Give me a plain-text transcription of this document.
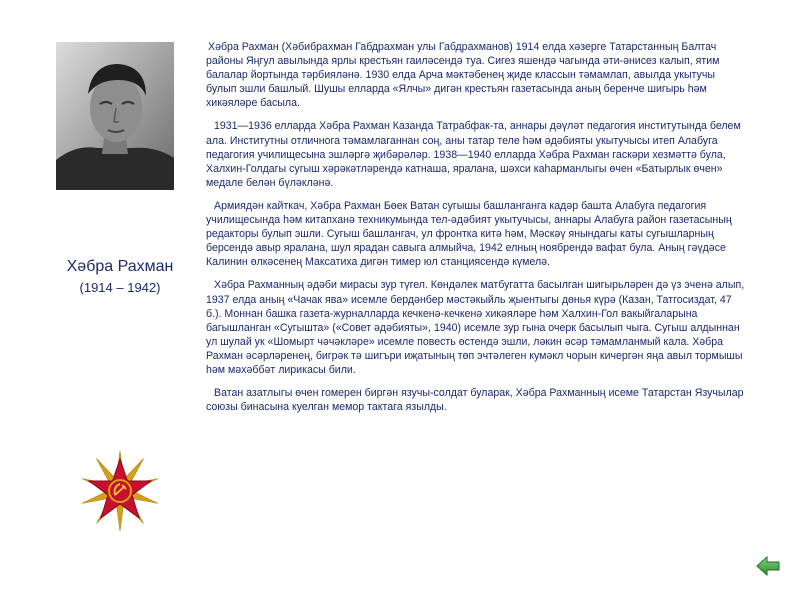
Хәбра Рахман
(1914 – 1942)

Хәбра Рахман (Хәбибрахман Габдрахман улы Габдрахманов) 1914 елда хәзерге Татарстанның Балтач районы Яңгул авылында ярлы крестьян гаиләсендә туа. Сигез яшендә чагында әти-әнисез калып, ятим балалар йортында тәрбияләнә. 1930 елда Арча мәктәбенең җиде классын тәмамлап, авылда укытучы булып эшли башлый. Шушы елларда «Ялчы» дигән крестьян газетасында аның беренче шигырь һәм хикәяләре басыла.

1931—1936 елларда Хәбра Рахман Казанда Татрабфак-та, аннары дәүләт педагогия институтында белем ала. Институтны отличнога тәмамлаганнан соң, аны татар теле һәм әдәбияты укытучысы итеп Алабуга педагогия училищесына эшләргә җибәрәләр. 1938—1940 елларда Хәбра Рахман гаскәри хезмәттә була, Халхин-Голдагы сугыш хәрәкәтләрендә катнаша, яралана, шәхси каһарманлыгы өчен «Батырлык өчен» медале белән бүләкләнә.

Армиядән кайткач, Хәбра Рахман Бөек Ватан сугышы башланганга кадәр башта Алабуга педагогия училищесында һәм китапханә техникумында тел-әдәбият укытучысы, аннары Алабуга район газетасының редакторы булып эшли. Сугыш башлангач, ул фронтка китә һәм, Мәскәү янындагы каты сугышларның берсендә авыр яралана, шул ярадан савыга алмыйча, 1942 елның ноябрендә вафат була. Аның гәүдәсе Калинин өлкәсенең Максатиха дигән тимер юл станциясендә күмелә.

Хәбра Рахманның әдәби мирасы зур түгел. Көндәлек матбугатта басылган шигырьләрен дә үз эченә алып, 1937 елда аның «Чачак ява» исемле бердәнбер мәстәкыйль җыентыгы дөнья күрә (Казан, Татгосиздат, 47 б.). Моннан башка газета-журналларда кечкенә-кечкенә хикәяләре һәм Халхин-Гол вакыйгаларына багышланган «Сугышта» («Совет әдәбияты», 1940) исемле зур гына очерк басылып чыга. Сугыш алдыннан ул шулай ук «Шомырт чәчәкләре» исемле повесть өстендә эшли, ләкин әсәр тәмамланмый кала. Хәбра Рахман әсәрләренең, бигрәк тә шигъри иҗатының төп эчтәлеген кумәкл чорын кичергән яңа авыл тормышы һәм мәхәббәт лирикасы били.

Ватан азатлыгы өчен гомерен биргән язучы-солдат буларак, Хәбра Рахманның исеме Татарстан Язучылар союзы бинасына куелган мемор тактага язылды.
